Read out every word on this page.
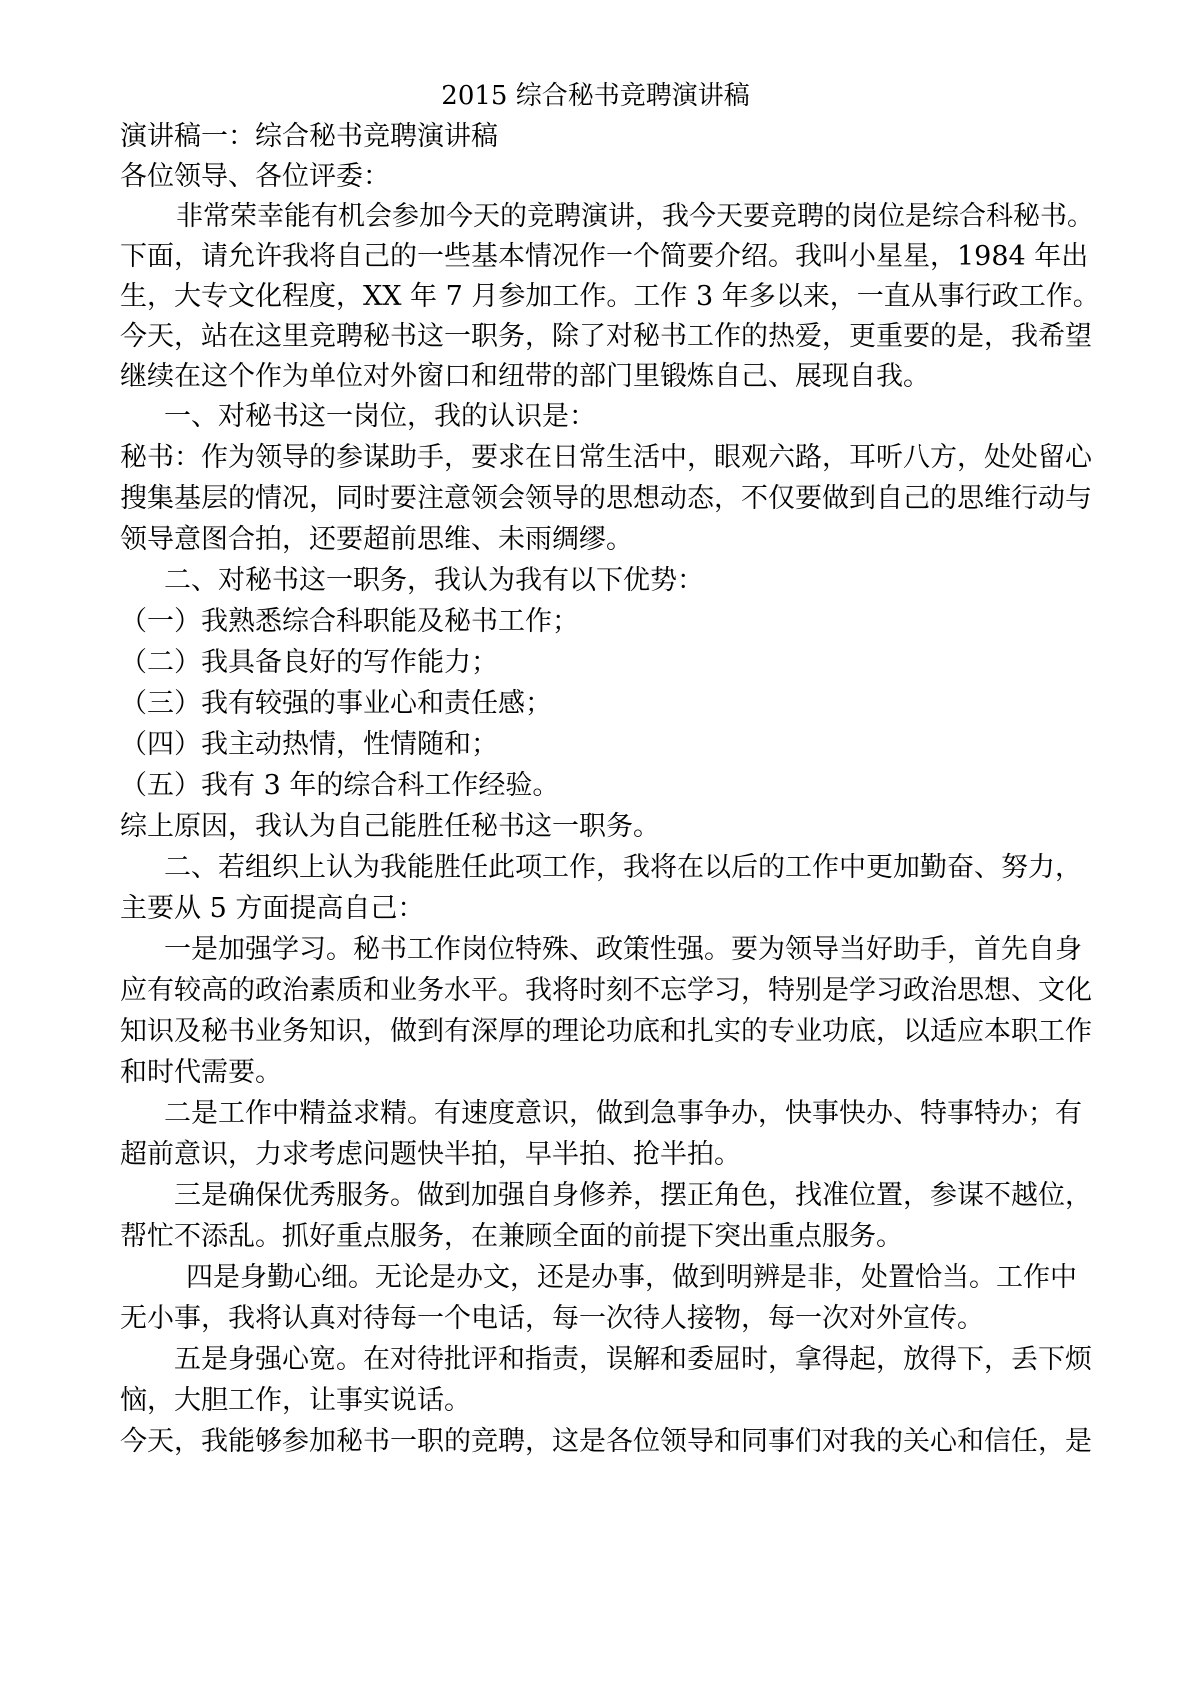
2015 综合秘书竞聘演讲稿
演讲稿一：综合秘书竞聘演讲稿
各位领导、各位评委：
非常荣幸能有机会参加今天的竞聘演讲，我今天要竞聘的岗位是综合科秘书。
下面，请允许我将自己的一些基本情况作一个简要介绍。我叫小星星，1984 年出
生，大专文化程度，XX 年 7 月参加工作。工作 3 年多以来，一直从事行政工作。
今天，站在这里竞聘秘书这一职务，除了对秘书工作的热爱，更重要的是，我希望
继续在这个作为单位对外窗口和纽带的部门里锻炼自己、展现自我。
一、对秘书这一岗位，我的认识是：
秘书：作为领导的参谋助手，要求在日常生活中，眼观六路，耳听八方，处处留心
搜集基层的情况，同时要注意领会领导的思想动态，不仅要做到自己的思维行动与
领导意图合拍，还要超前思维、未雨绸缪。
二、对秘书这一职务，我认为我有以下优势：
（一）我熟悉综合科职能及秘书工作；
（二）我具备良好的写作能力；
（三）我有较强的事业心和责任感；
（四）我主动热情，性情随和；
（五）我有 3 年的综合科工作经验。
综上原因，我认为自己能胜任秘书这一职务。
二、若组织上认为我能胜任此项工作，我将在以后的工作中更加勤奋、努力，
主要从 5 方面提高自己：
一是加强学习。秘书工作岗位特殊、政策性强。要为领导当好助手，首先自身
应有较高的政治素质和业务水平。我将时刻不忘学习，特别是学习政治思想、文化
知识及秘书业务知识，做到有深厚的理论功底和扎实的专业功底，以适应本职工作
和时代需要。
二是工作中精益求精。有速度意识，做到急事争办，快事快办、特事特办；有
超前意识，力求考虑问题快半拍，早半拍、抢半拍。
三是确保优秀服务。做到加强自身修养，摆正角色，找准位置，参谋不越位，
帮忙不添乱。抓好重点服务，在兼顾全面的前提下突出重点服务。
四是身勤心细。无论是办文，还是办事，做到明辨是非，处置恰当。工作中
无小事，我将认真对待每一个电话，每一次待人接物，每一次对外宣传。
五是身强心宽。在对待批评和指责，误解和委屈时，拿得起，放得下，丢下烦
恼，大胆工作，让事实说话。
今天，我能够参加秘书一职的竞聘，这是各位领导和同事们对我的关心和信任，是
